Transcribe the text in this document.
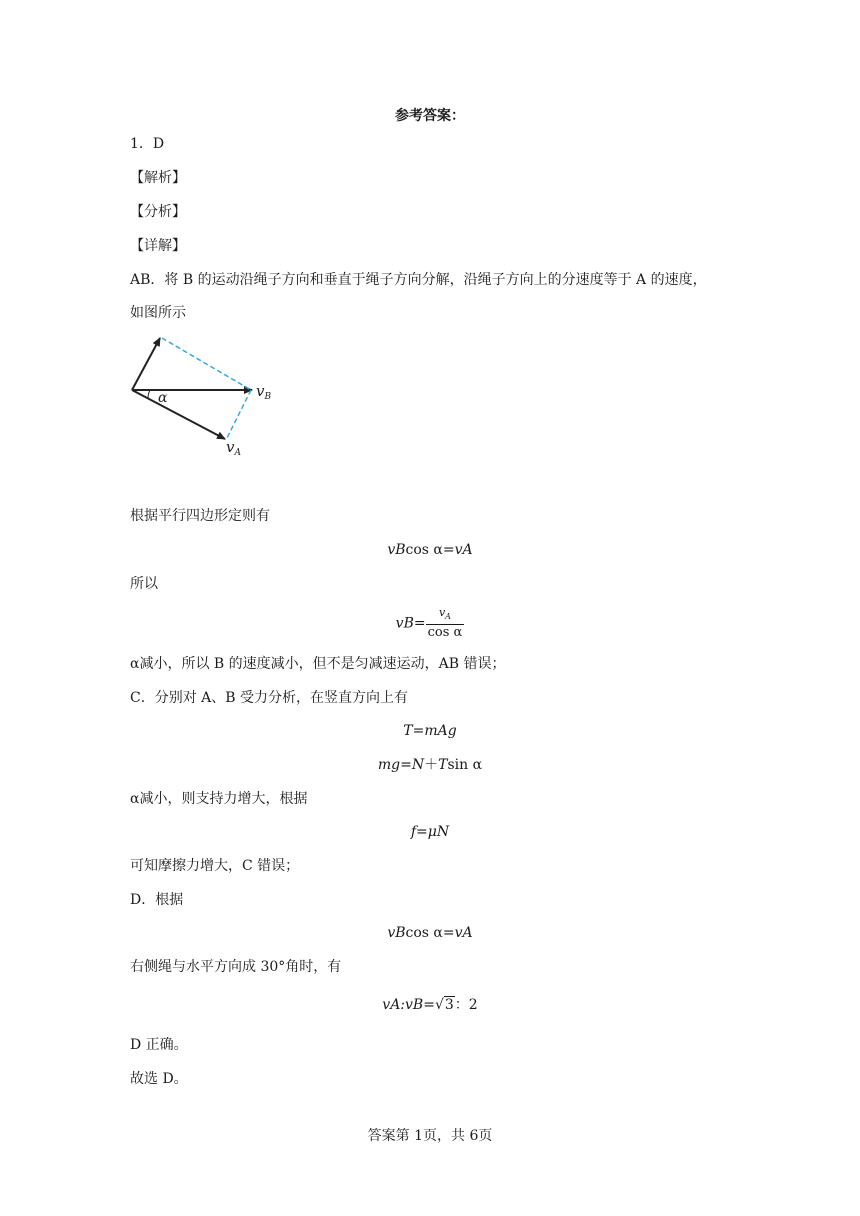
参考答案：
1．D
【解析】
【分析】
【详解】
AB．将 B 的运动沿绳子方向和垂直于绳子方向分解，沿绳子方向上的分速度等于 A 的速度，
如图所示
α	$v_B$
$v_A$
根据平行四边形定则有
vBcos α=vA
所以
$vB= \frac{v_A}{\text{cos α}}$
α减小，所以 B 的速度减小，但不是匀减速运动，AB 错误；
C．分别对 A、B 受力分析，在竖直方向上有
T=mAg
mg=N＋Tsin α
α减小，则支持力增大，根据
f=μN
可知摩擦力增大，C 错误；
D．根据
vBcos α=vA
右侧绳与水平方向成 30°角时，有
vA:vB=√3：2
D 正确。
故选 D。
答案第 1页，共 6页
